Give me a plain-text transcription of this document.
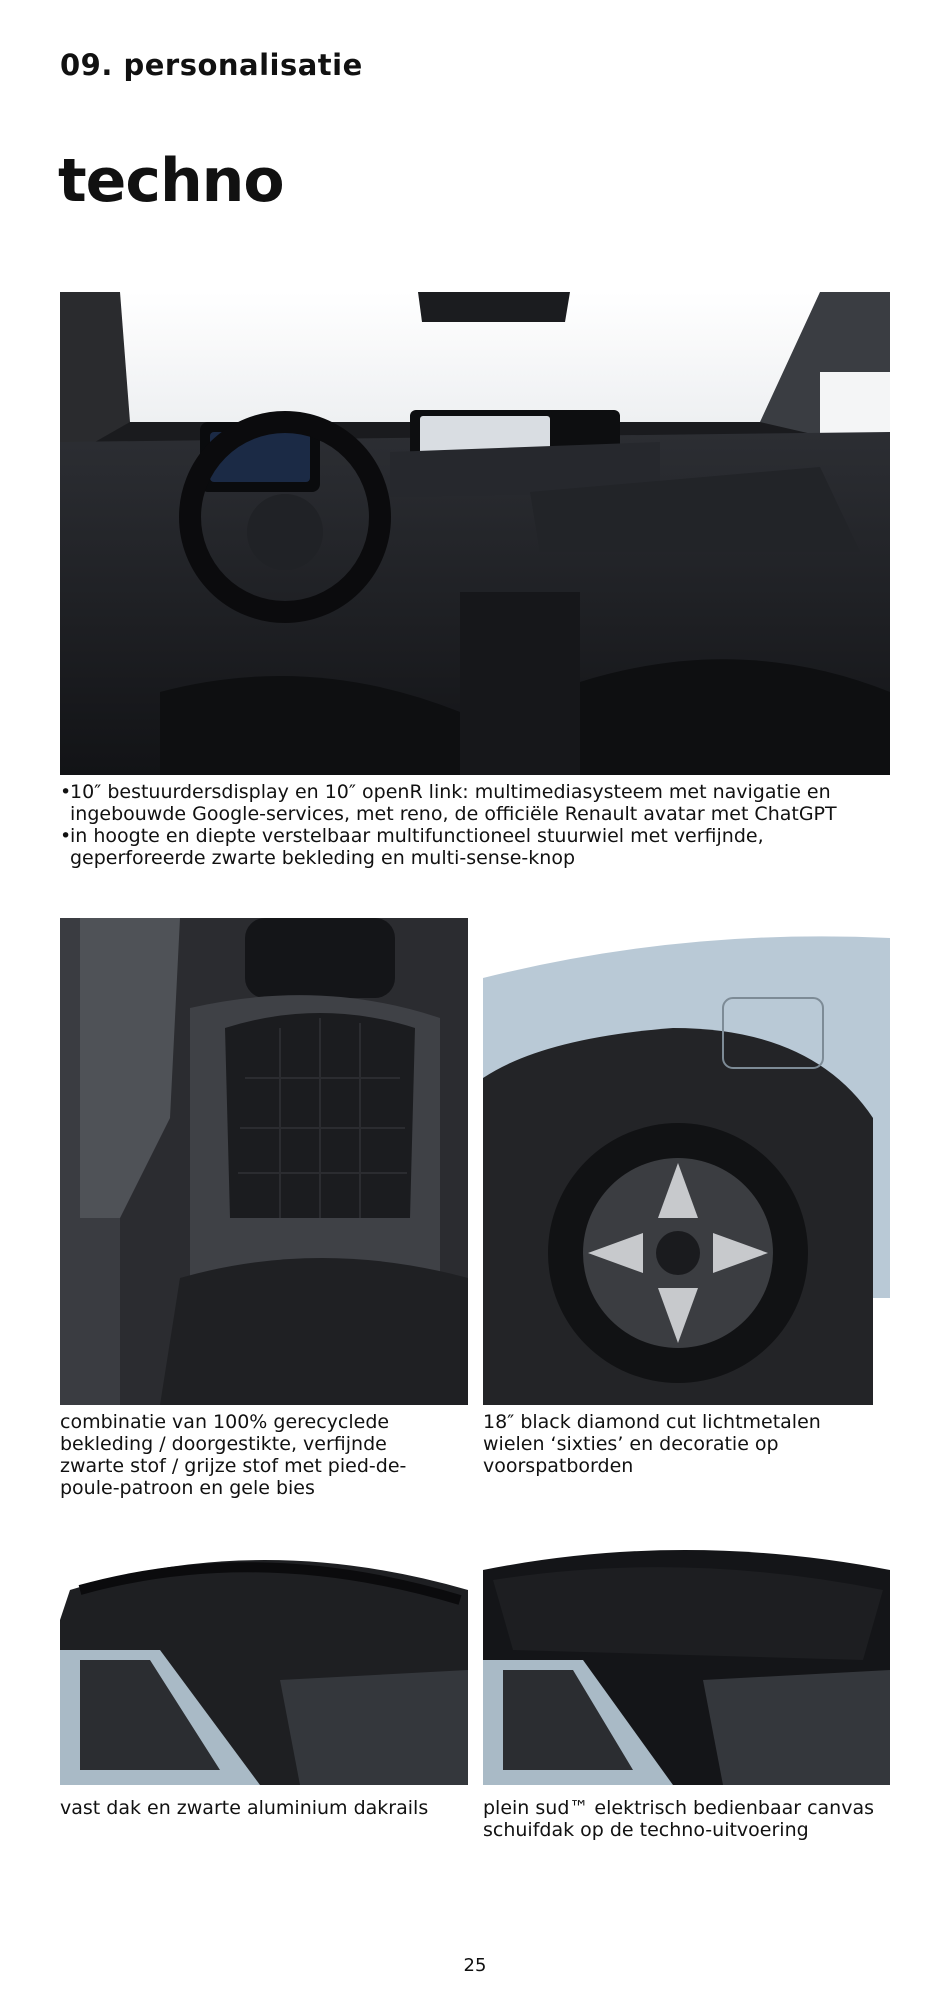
09. personalisatie
techno
• 10″ bestuurdersdisplay en 10″ openR link: multimediasysteem met navigatie en ingebouwde Google-services, met reno, de officiële Renault avatar met ChatGPT
• in hoogte en diepte verstelbaar multifunctioneel stuurwiel met verfijnde, geperforeerde zwarte bekleding en multi-sense-knop
combinatie van 100% gerecyclede bekleding / doorgestikte, verfijnde zwarte stof / grijze stof met pied-de-poule-patroon en gele bies
18″ black diamond cut lichtmetalen wielen ‘sixties’ en decoratie op voorspatborden
vast dak en zwarte aluminium dakrails	plein sud™ elektrisch bedienbaar canvas schuifdak op de techno-uitvoering
25
